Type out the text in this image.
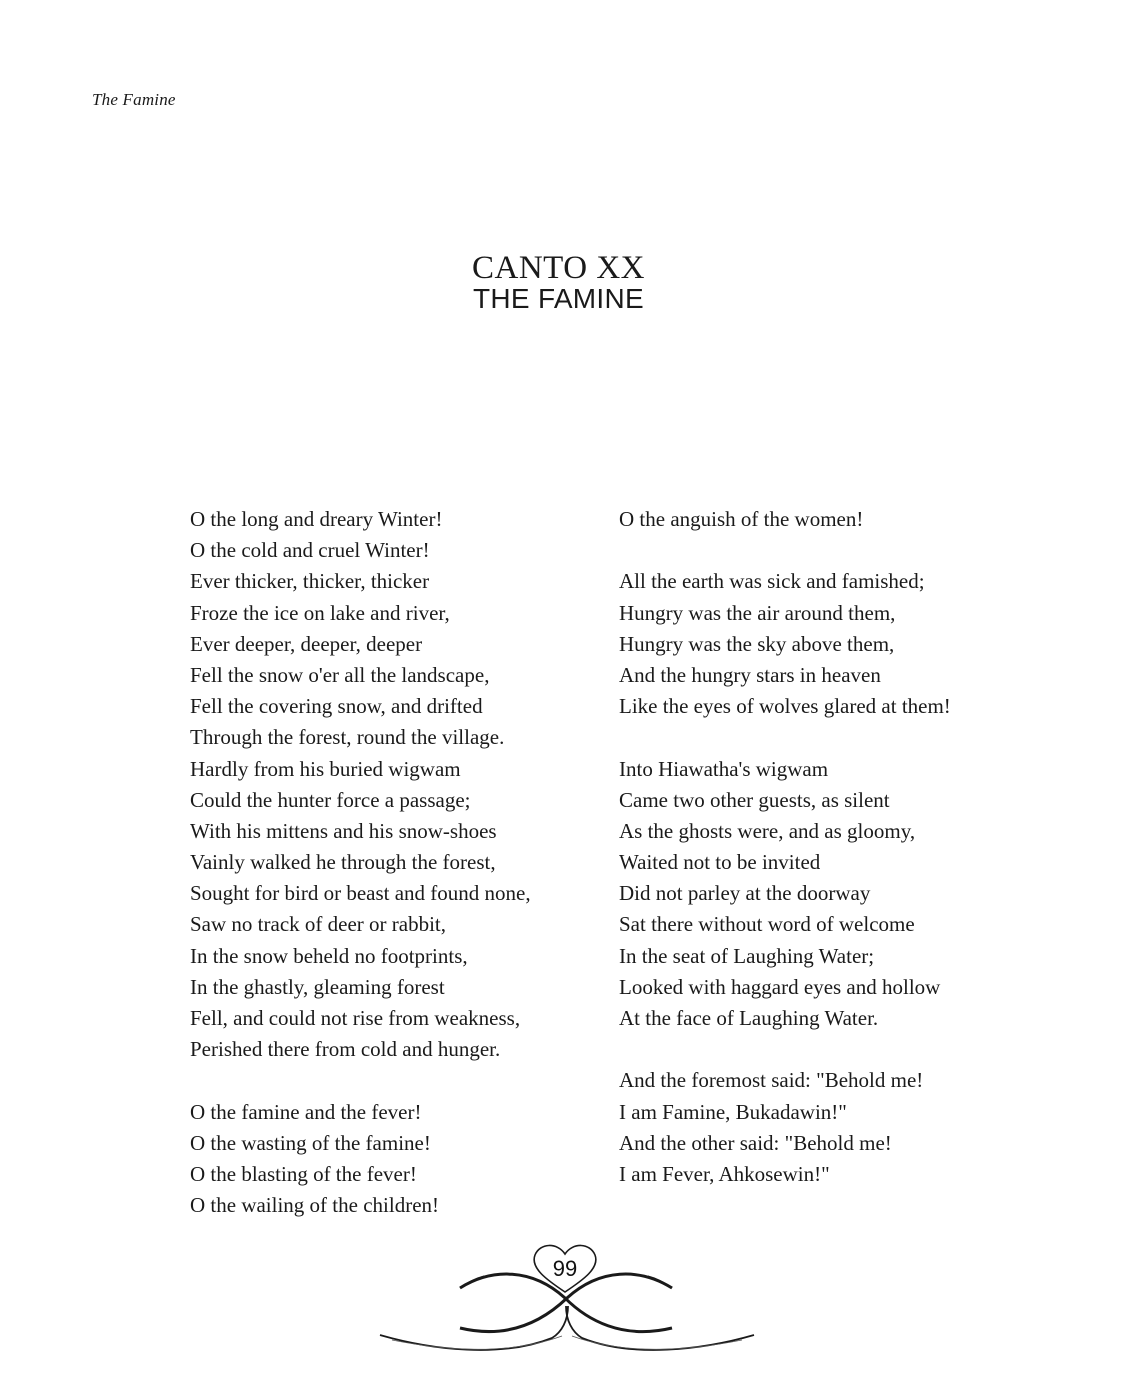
The Famine
CANTO XX
THE FAMINE
O the long and dreary Winter!
O the cold and cruel Winter!
Ever thicker, thicker, thicker
Froze the ice on lake and river,
Ever deeper, deeper, deeper
Fell the snow o'er all the landscape,
Fell the covering snow, and drifted
Through the forest, round the village.
Hardly from his buried wigwam
Could the hunter force a passage;
With his mittens and his snow-shoes
Vainly walked he through the forest,
Sought for bird or beast and found none,
Saw no track of deer or rabbit,
In the snow beheld no footprints,
In the ghastly, gleaming forest
Fell, and could not rise from weakness,
Perished there from cold and hunger.
O the famine and the fever!
O the wasting of the famine!
O the blasting of the fever!
O the wailing of the children!
O the anguish of the women!
All the earth was sick and famished;
Hungry was the air around them,
Hungry was the sky above them,
And the hungry stars in heaven
Like the eyes of wolves glared at them!
Into Hiawatha's wigwam
Came two other guests, as silent
As the ghosts were, and as gloomy,
Waited not to be invited
Did not parley at the doorway
Sat there without word of welcome
In the seat of Laughing Water;
Looked with haggard eyes and hollow
At the face of Laughing Water.
And the foremost said: "Behold me!
I am Famine, Bukadawin!"
And the other said: "Behold me!
I am Fever, Ahkosewin!"
99
